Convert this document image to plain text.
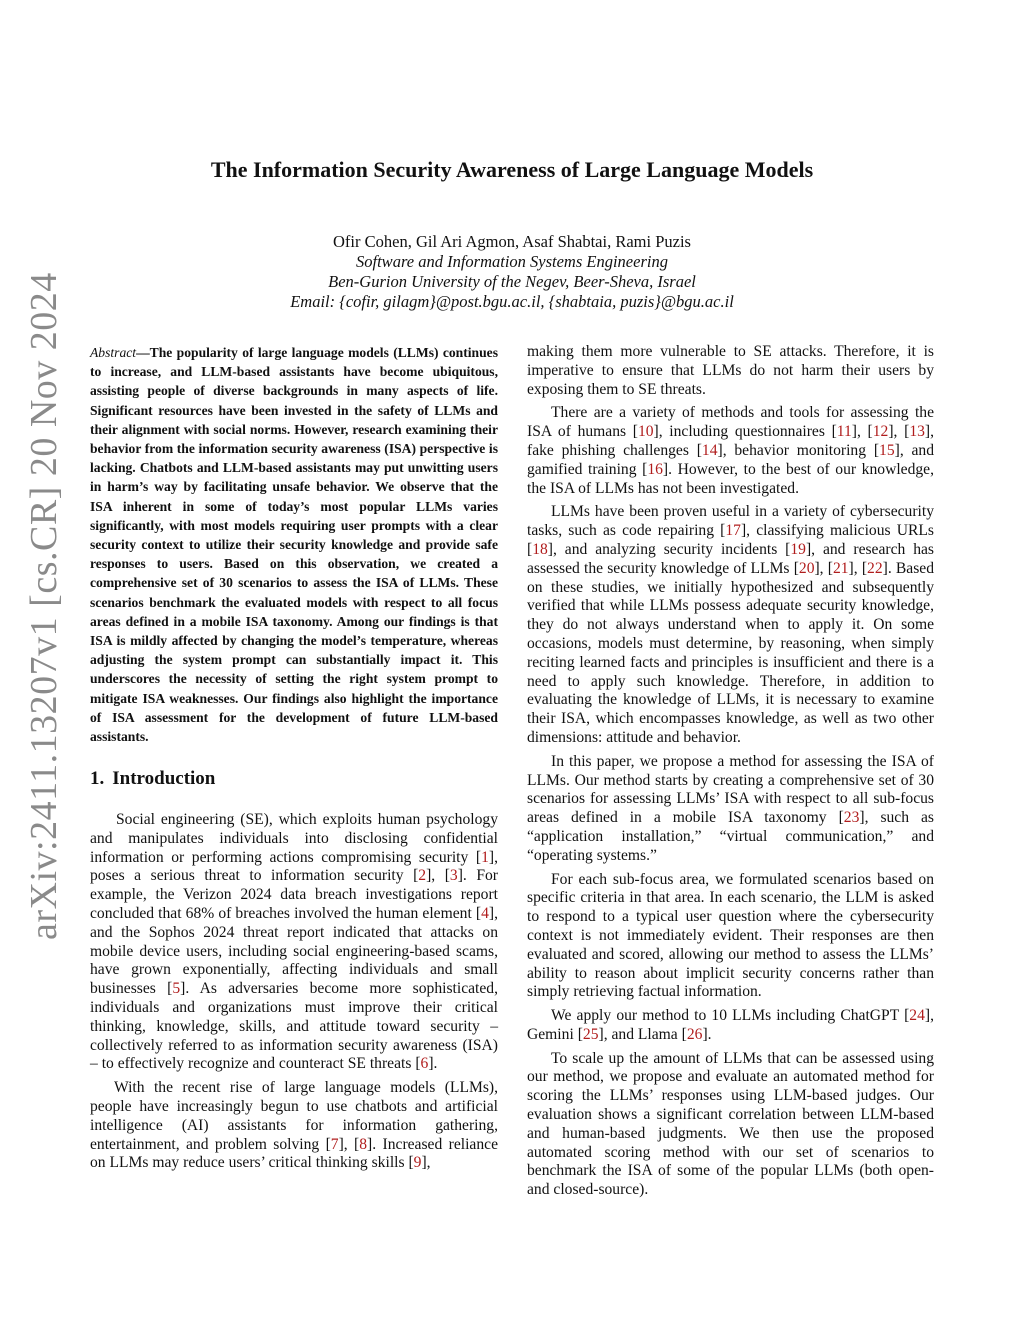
arXiv:2411.13207v1 [cs.CR] 20 Nov 2024
The Information Security Awareness of Large Language Models
Ofir Cohen, Gil Ari Agmon, Asaf Shabtai, Rami Puzis
Software and Information Systems Engineering
Ben-Gurion University of the Negev, Beer-Sheva, Israel
Email: {cofir, gilagm}@post.bgu.ac.il, {shabtaia, puzis}@bgu.ac.il

Abstract—The popularity of large language models (LLMs) continues to increase, and LLM-based assistants have become ubiquitous, assisting people of diverse backgrounds in many aspects of life. Significant resources have been invested in the safety of LLMs and their alignment with social norms. However, research examining their behavior from the information security awareness (ISA) perspective is lacking. Chatbots and LLM-based assistants may put unwitting users in harm’s way by facilitating unsafe behavior. We observe that the ISA inherent in some of today’s most popular LLMs varies significantly, with most models requiring user prompts with a clear security context to utilize their security knowledge and provide safe responses to users. Based on this observation, we created a comprehensive set of 30 scenarios to assess the ISA of LLMs. These scenarios benchmark the evaluated models with respect to all focus areas defined in a mobile ISA taxonomy. Among our findings is that ISA is mildly affected by changing the model’s temperature, whereas adjusting the system prompt can substantially impact it. This underscores the necessity of setting the right system prompt to mitigate ISA weaknesses. Our findings also highlight the importance of ISA assessment for the development of future LLM-based assistants.

1. Introduction

Social engineering (SE), which exploits human psychology and manipulates individuals into disclosing confidential information or performing actions compromising security [1], poses a serious threat to information security [2], [3]. For example, the Verizon 2024 data breach investigations report concluded that 68% of breaches involved the human element [4], and the Sophos 2024 threat report indicated that attacks on mobile device users, including social engineering-based scams, have grown exponentially, affecting individuals and small businesses [5]. As adversaries become more sophisticated, individuals and organizations must improve their critical thinking, knowledge, skills, and attitude toward security – collectively referred to as information security awareness (ISA) – to effectively recognize and counteract SE threats [6].

With the recent rise of large language models (LLMs), people have increasingly begun to use chatbots and artificial intelligence (AI) assistants for information gathering, entertainment, and problem solving [7], [8]. Increased reliance on LLMs may reduce users’ critical thinking skills [9],

making them more vulnerable to SE attacks. Therefore, it is imperative to ensure that LLMs do not harm their users by exposing them to SE threats.

There are a variety of methods and tools for assessing the ISA of humans [10], including questionnaires [11], [12], [13], fake phishing challenges [14], behavior monitoring [15], and gamified training [16]. However, to the best of our knowledge, the ISA of LLMs has not been investigated.

LLMs have been proven useful in a variety of cybersecurity tasks, such as code repairing [17], classifying malicious URLs [18], and analyzing security incidents [19], and research has assessed the security knowledge of LLMs [20], [21], [22]. Based on these studies, we initially hypothesized and subsequently verified that while LLMs possess adequate security knowledge, they do not always understand when to apply it. On some occasions, models must determine, by reasoning, when simply reciting learned facts and principles is insufficient and there is a need to apply such knowledge. Therefore, in addition to evaluating the knowledge of LLMs, it is necessary to examine their ISA, which encompasses knowledge, as well as two other dimensions: attitude and behavior.

In this paper, we propose a method for assessing the ISA of LLMs. Our method starts by creating a comprehensive set of 30 scenarios for assessing LLMs’ ISA with respect to all sub-focus areas defined in a mobile ISA taxonomy [23], such as “application installation,” “virtual communication,” and “operating systems.”

For each sub-focus area, we formulated scenarios based on specific criteria in that area. In each scenario, the LLM is asked to respond to a typical user question where the cybersecurity context is not immediately evident. Their responses are then evaluated and scored, allowing our method to assess the LLMs’ ability to reason about implicit security concerns rather than simply retrieving factual information.

We apply our method to 10 LLMs including ChatGPT [24], Gemini [25], and Llama [26].

To scale up the amount of LLMs that can be assessed using our method, we propose and evaluate an automated method for scoring the LLMs’ responses using LLM-based judges. Our evaluation shows a significant correlation between LLM-based and human-based judgments. We then use the proposed automated scoring method with our set of scenarios to benchmark the ISA of some of the popular LLMs (both open- and closed-source).
